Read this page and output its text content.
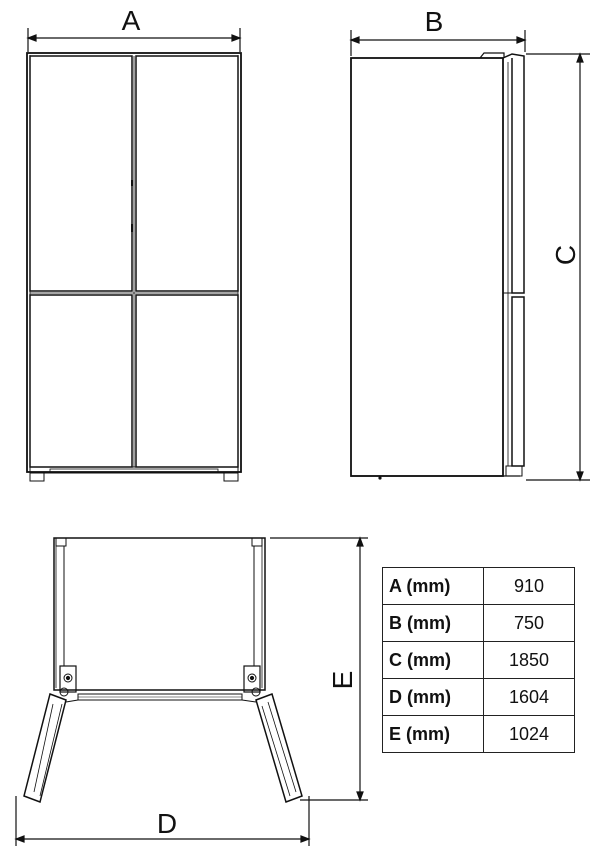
A	B
C
D
E
A (mm)	910
B (mm)	750
C (mm)	1850
D (mm)	1604
E (mm)	1024
